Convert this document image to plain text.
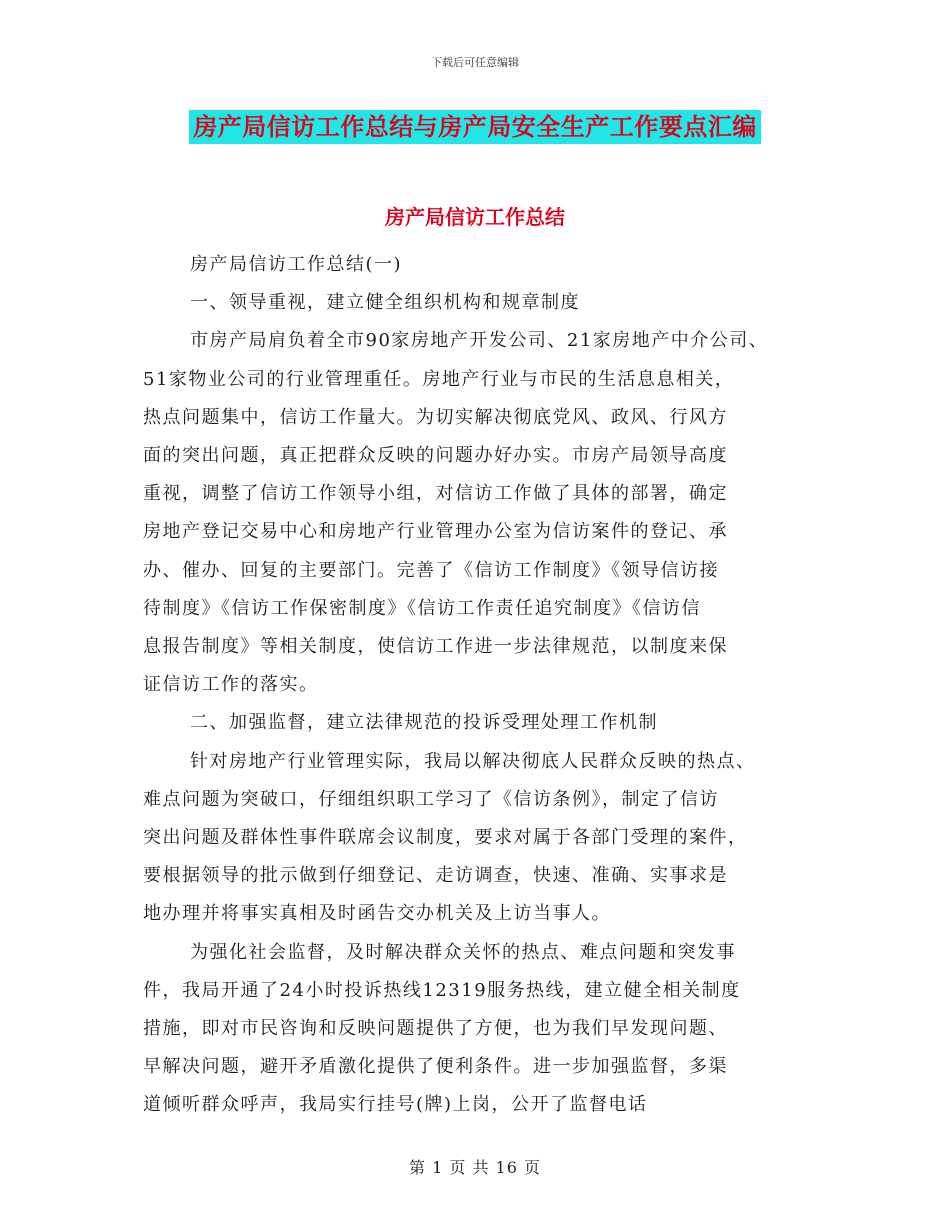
下载后可任意编辑
房产局信访工作总结与房产局安全生产工作要点汇编
房产局信访工作总结
房产局信访工作总结(一)
一、领导重视，建立健全组织机构和规章制度
市房产局肩负着全市90家房地产开发公司、21家房地产中介公司、
51家物业公司的行业管理重任。房地产行业与市民的生活息息相关，
热点问题集中，信访工作量大。为切实解决彻底党风、政风、行风方
面的突出问题，真正把群众反映的问题办好办实。市房产局领导高度
重视，调整了信访工作领导小组，对信访工作做了具体的部署，确定
房地产登记交易中心和房地产行业管理办公室为信访案件的登记、承
办、催办、回复的主要部门。完善了《信访工作制度》《领导信访接
待制度》《信访工作保密制度》《信访工作责任追究制度》《信访信
息报告制度》等相关制度，使信访工作进一步法律规范，以制度来保
证信访工作的落实。
二、加强监督，建立法律规范的投诉受理处理工作机制
针对房地产行业管理实际，我局以解决彻底人民群众反映的热点、
难点问题为突破口，仔细组织职工学习了《信访条例》，制定了信访
突出问题及群体性事件联席会议制度，要求对属于各部门受理的案件，
要根据领导的批示做到仔细登记、走访调查，快速、准确、实事求是
地办理并将事实真相及时函告交办机关及上访当事人。
为强化社会监督，及时解决群众关怀的热点、难点问题和突发事
件，我局开通了24小时投诉热线12319服务热线，建立健全相关制度
措施，即对市民咨询和反映问题提供了方便，也为我们早发现问题、
早解决问题，避开矛盾激化提供了便利条件。进一步加强监督，多渠
道倾听群众呼声，我局实行挂号(牌)上岗，公开了监督电话
第 1 页 共 16 页
